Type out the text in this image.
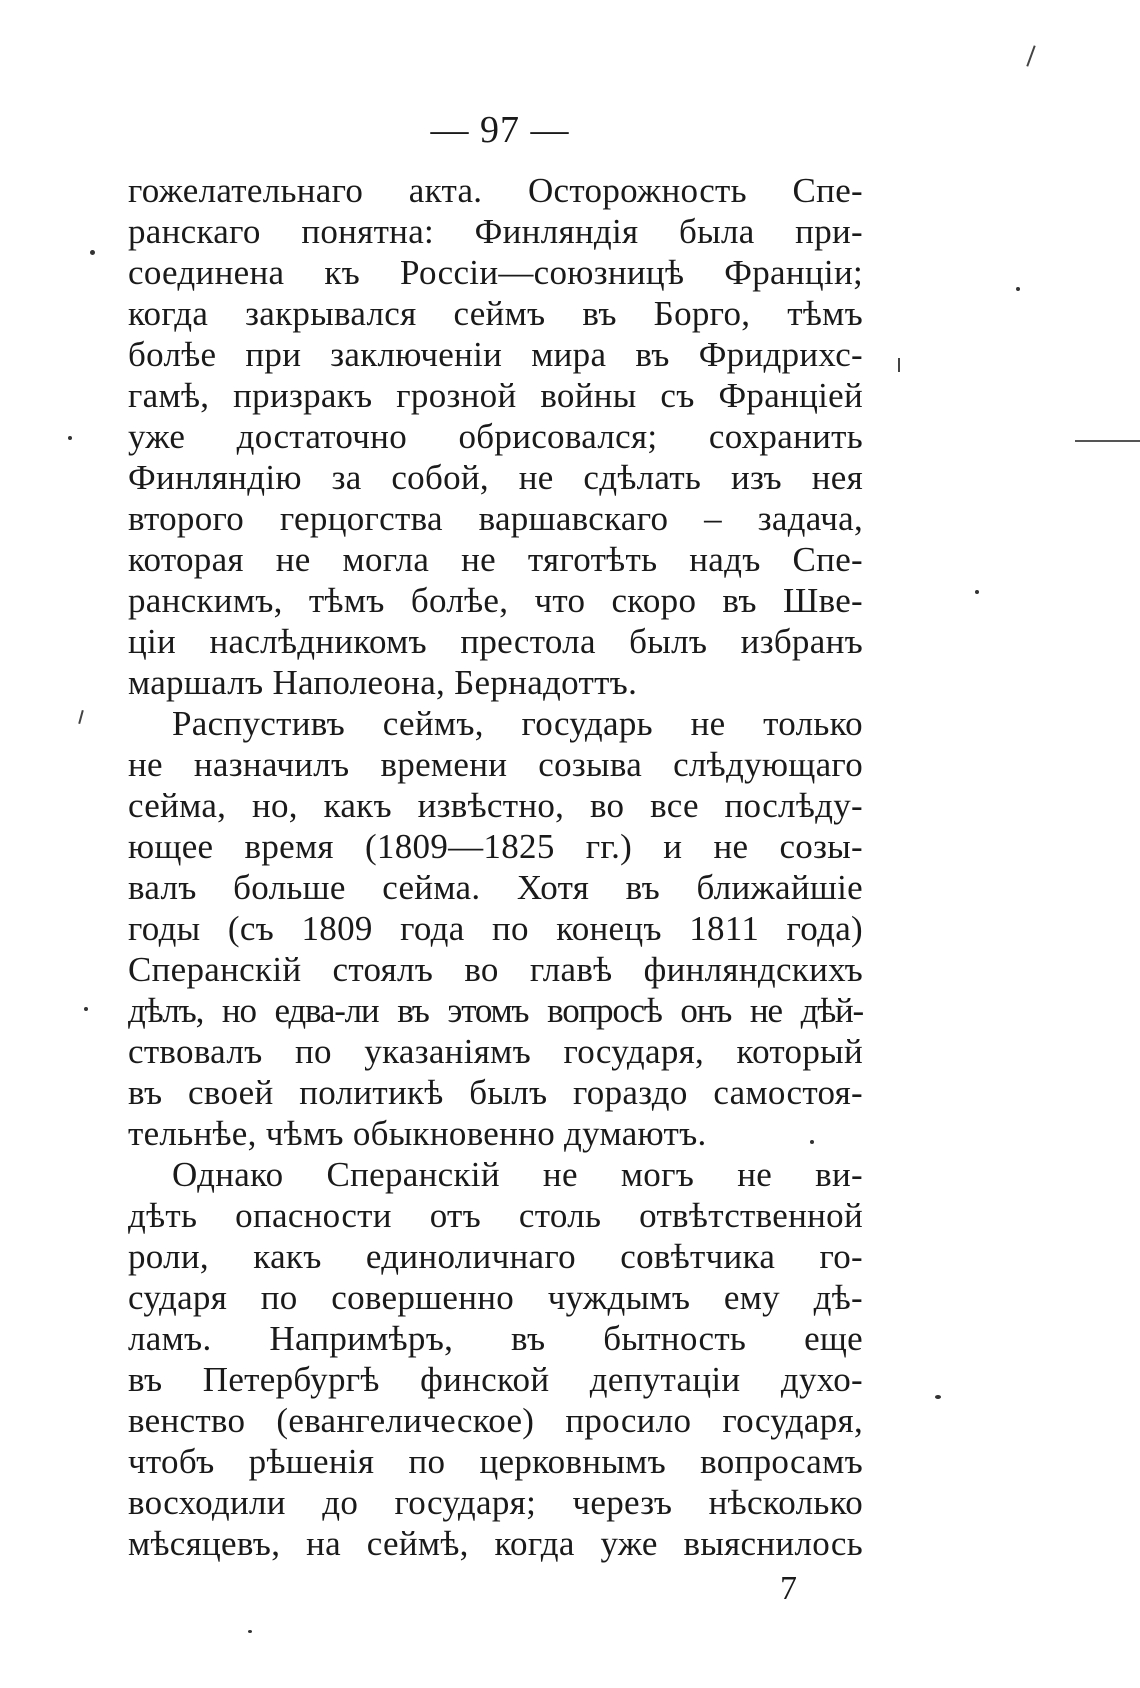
— 97 —
гожелательнаго акта. Осторожность Спе-
ранскаго понятна: Финляндія была при-
соединена къ Россіи—союзницѣ Франціи;
когда закрывался сеймъ въ Борго, тѣмъ
болѣе при заключеніи мира въ Фридрихс-
гамѣ, призракъ грозной войны съ Франціей
уже достаточно обрисовался; сохранить
Финляндію за собой, не сдѣлать изъ нея
второго герцогства варшавскаго – задача,
которая не могла не тяготѣть надъ Спе-
ранскимъ, тѣмъ болѣе, что скоро въ Шве-
ціи наслѣдникомъ престола былъ избранъ
маршалъ Наполеона, Бернадоттъ.
Распустивъ сеймъ, государь не только
не назначилъ времени созыва слѣдующаго
сейма, но, какъ извѣстно, во все послѣду-
ющее время (1809—1825 гг.) и не созы-
валъ больше сейма. Хотя въ ближайшіе
годы (съ 1809 года по конецъ 1811 года)
Сперанскій стоялъ во главѣ финляндскихъ
дѣлъ, но едва-ли въ этомъ вопросѣ онъ не дѣй-
ствовалъ по указаніямъ государя, который
въ своей политикѣ былъ гораздо самостоя-
тельнѣе, чѣмъ обыкновенно думаютъ.
Однако Сперанскій не могъ не ви-
дѣть опасности отъ столь отвѣтственной
роли, какъ единоличнаго совѣтчика го-
сударя по совершенно чуждымъ ему дѣ-
ламъ. Напримѣръ, въ бытность еще
въ Петербургѣ финской депутаціи духо-
венство (евангелическое) просило государя,
чтобъ рѣшенія по церковнымъ вопросамъ
восходили до государя; черезъ нѣсколько
мѣсяцевъ, на сеймѣ, когда уже выяснилось
7
